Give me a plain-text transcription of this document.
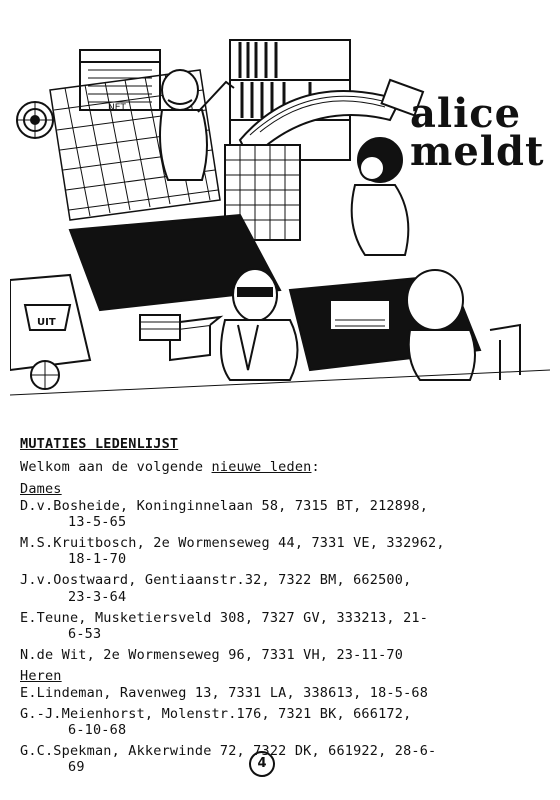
NET
UIT
alice
meldt
MUTATIES LEDENLIJST
Welkom aan de volgende nieuwe leden:
Dames
D.v.Bosheide, Koninginnelaan 58, 7315 BT, 212898,
13-5-65
M.S.Kruitbosch, 2e Wormenseweg 44, 7331 VE, 332962,
18-1-70
J.v.Oostwaard, Gentiaanstr.32, 7322 BM, 662500,
23-3-64
E.Teune, Musketiersveld 308, 7327 GV, 333213, 21-
6-53
N.de Wit, 2e Wormenseweg 96, 7331 VH, 23-11-70
Heren
E.Lindeman, Ravenweg 13, 7331 LA, 338613, 18-5-68
G.-J.Meienhorst, Molenstr.176, 7321 BK, 666172,
6-10-68
G.C.Spekman, Akkerwinde 72, 7322 DK, 661922, 28-6-
69	4
